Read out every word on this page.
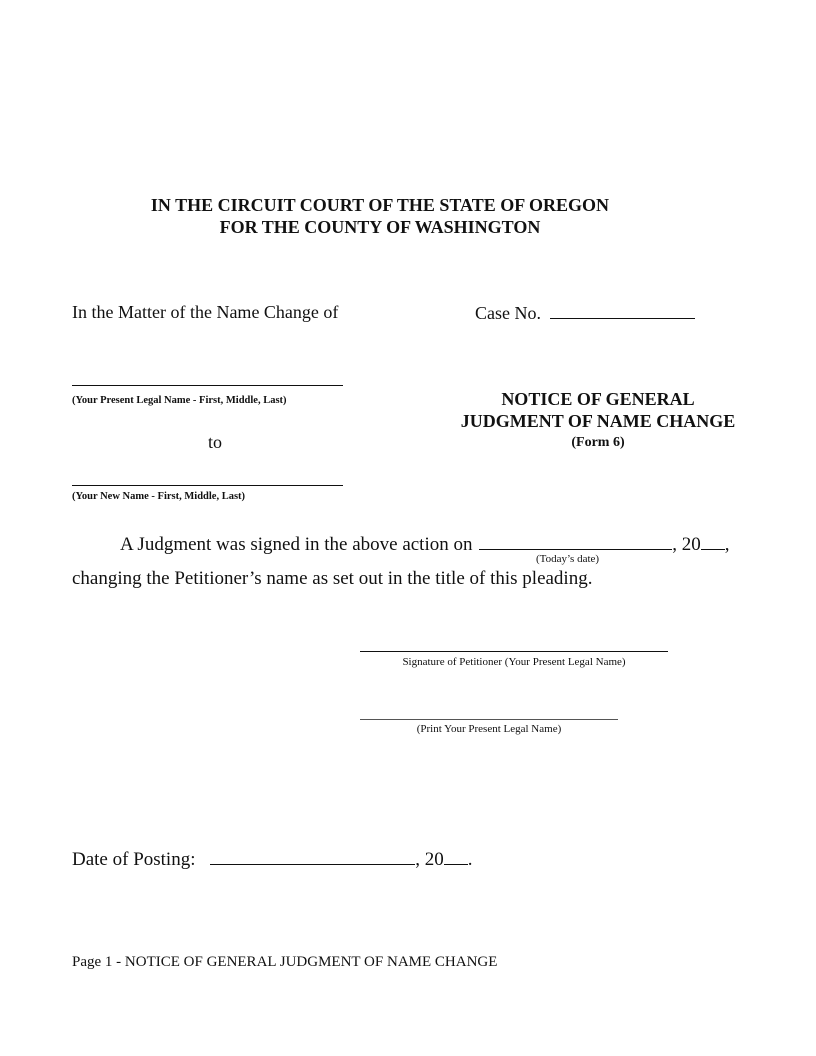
IN THE CIRCUIT COURT OF THE STATE OF OREGON
FOR THE COUNTY OF WASHINGTON
In the Matter of the Name Change of	Case No.
(Your Present Legal Name - First, Middle, Last)	NOTICE OF GENERAL
JUDGMENT OF NAME CHANGE
(Form 6)
to
(Your New Name - First, Middle, Last)
A Judgment was signed in the above action on	, 20 ,
(Today’s date)
changing the Petitioner’s name as set out in the title of this pleading.
Signature of Petitioner (Your Present Legal Name)
(Print Your Present Legal Name)
Date of Posting:	, 20 .
Page 1 - NOTICE OF GENERAL JUDGMENT OF NAME CHANGE
